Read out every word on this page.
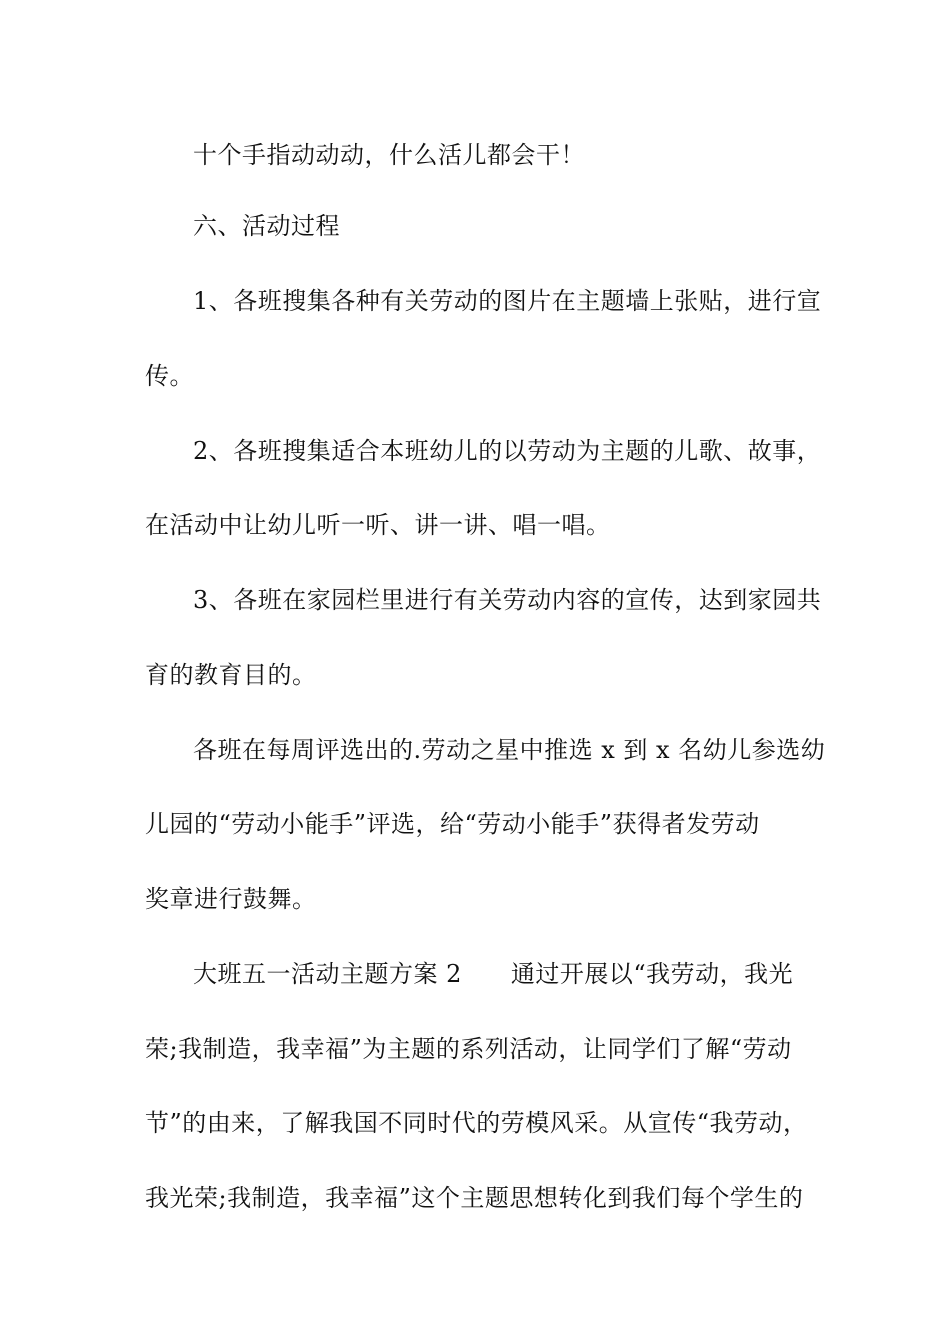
十个手指动动动，什么活儿都会干！
六、活动过程
1、各班搜集各种有关劳动的图片在主题墙上张贴，进行宣
传。
2、各班搜集适合本班幼儿的以劳动为主题的儿歌、故事，
在活动中让幼儿听一听、讲一讲、唱一唱。
3、各班在家园栏里进行有关劳动内容的宣传，达到家园共
育的教育目的。
各班在每周评选出的.劳动之星中推选 x 到 x 名幼儿参选幼
儿园的“劳动小能手”评选，给“劳动小能手”获得者发劳动
奖章进行鼓舞。
大班五一活动主题方案 2　　通过开展以“我劳动，我光
荣;我制造，我幸福”为主题的系列活动，让同学们了解“劳动
节”的由来，了解我国不同时代的劳模风采。从宣传“我劳动，
我光荣;我制造，我幸福”这个主题思想转化到我们每个学生的
